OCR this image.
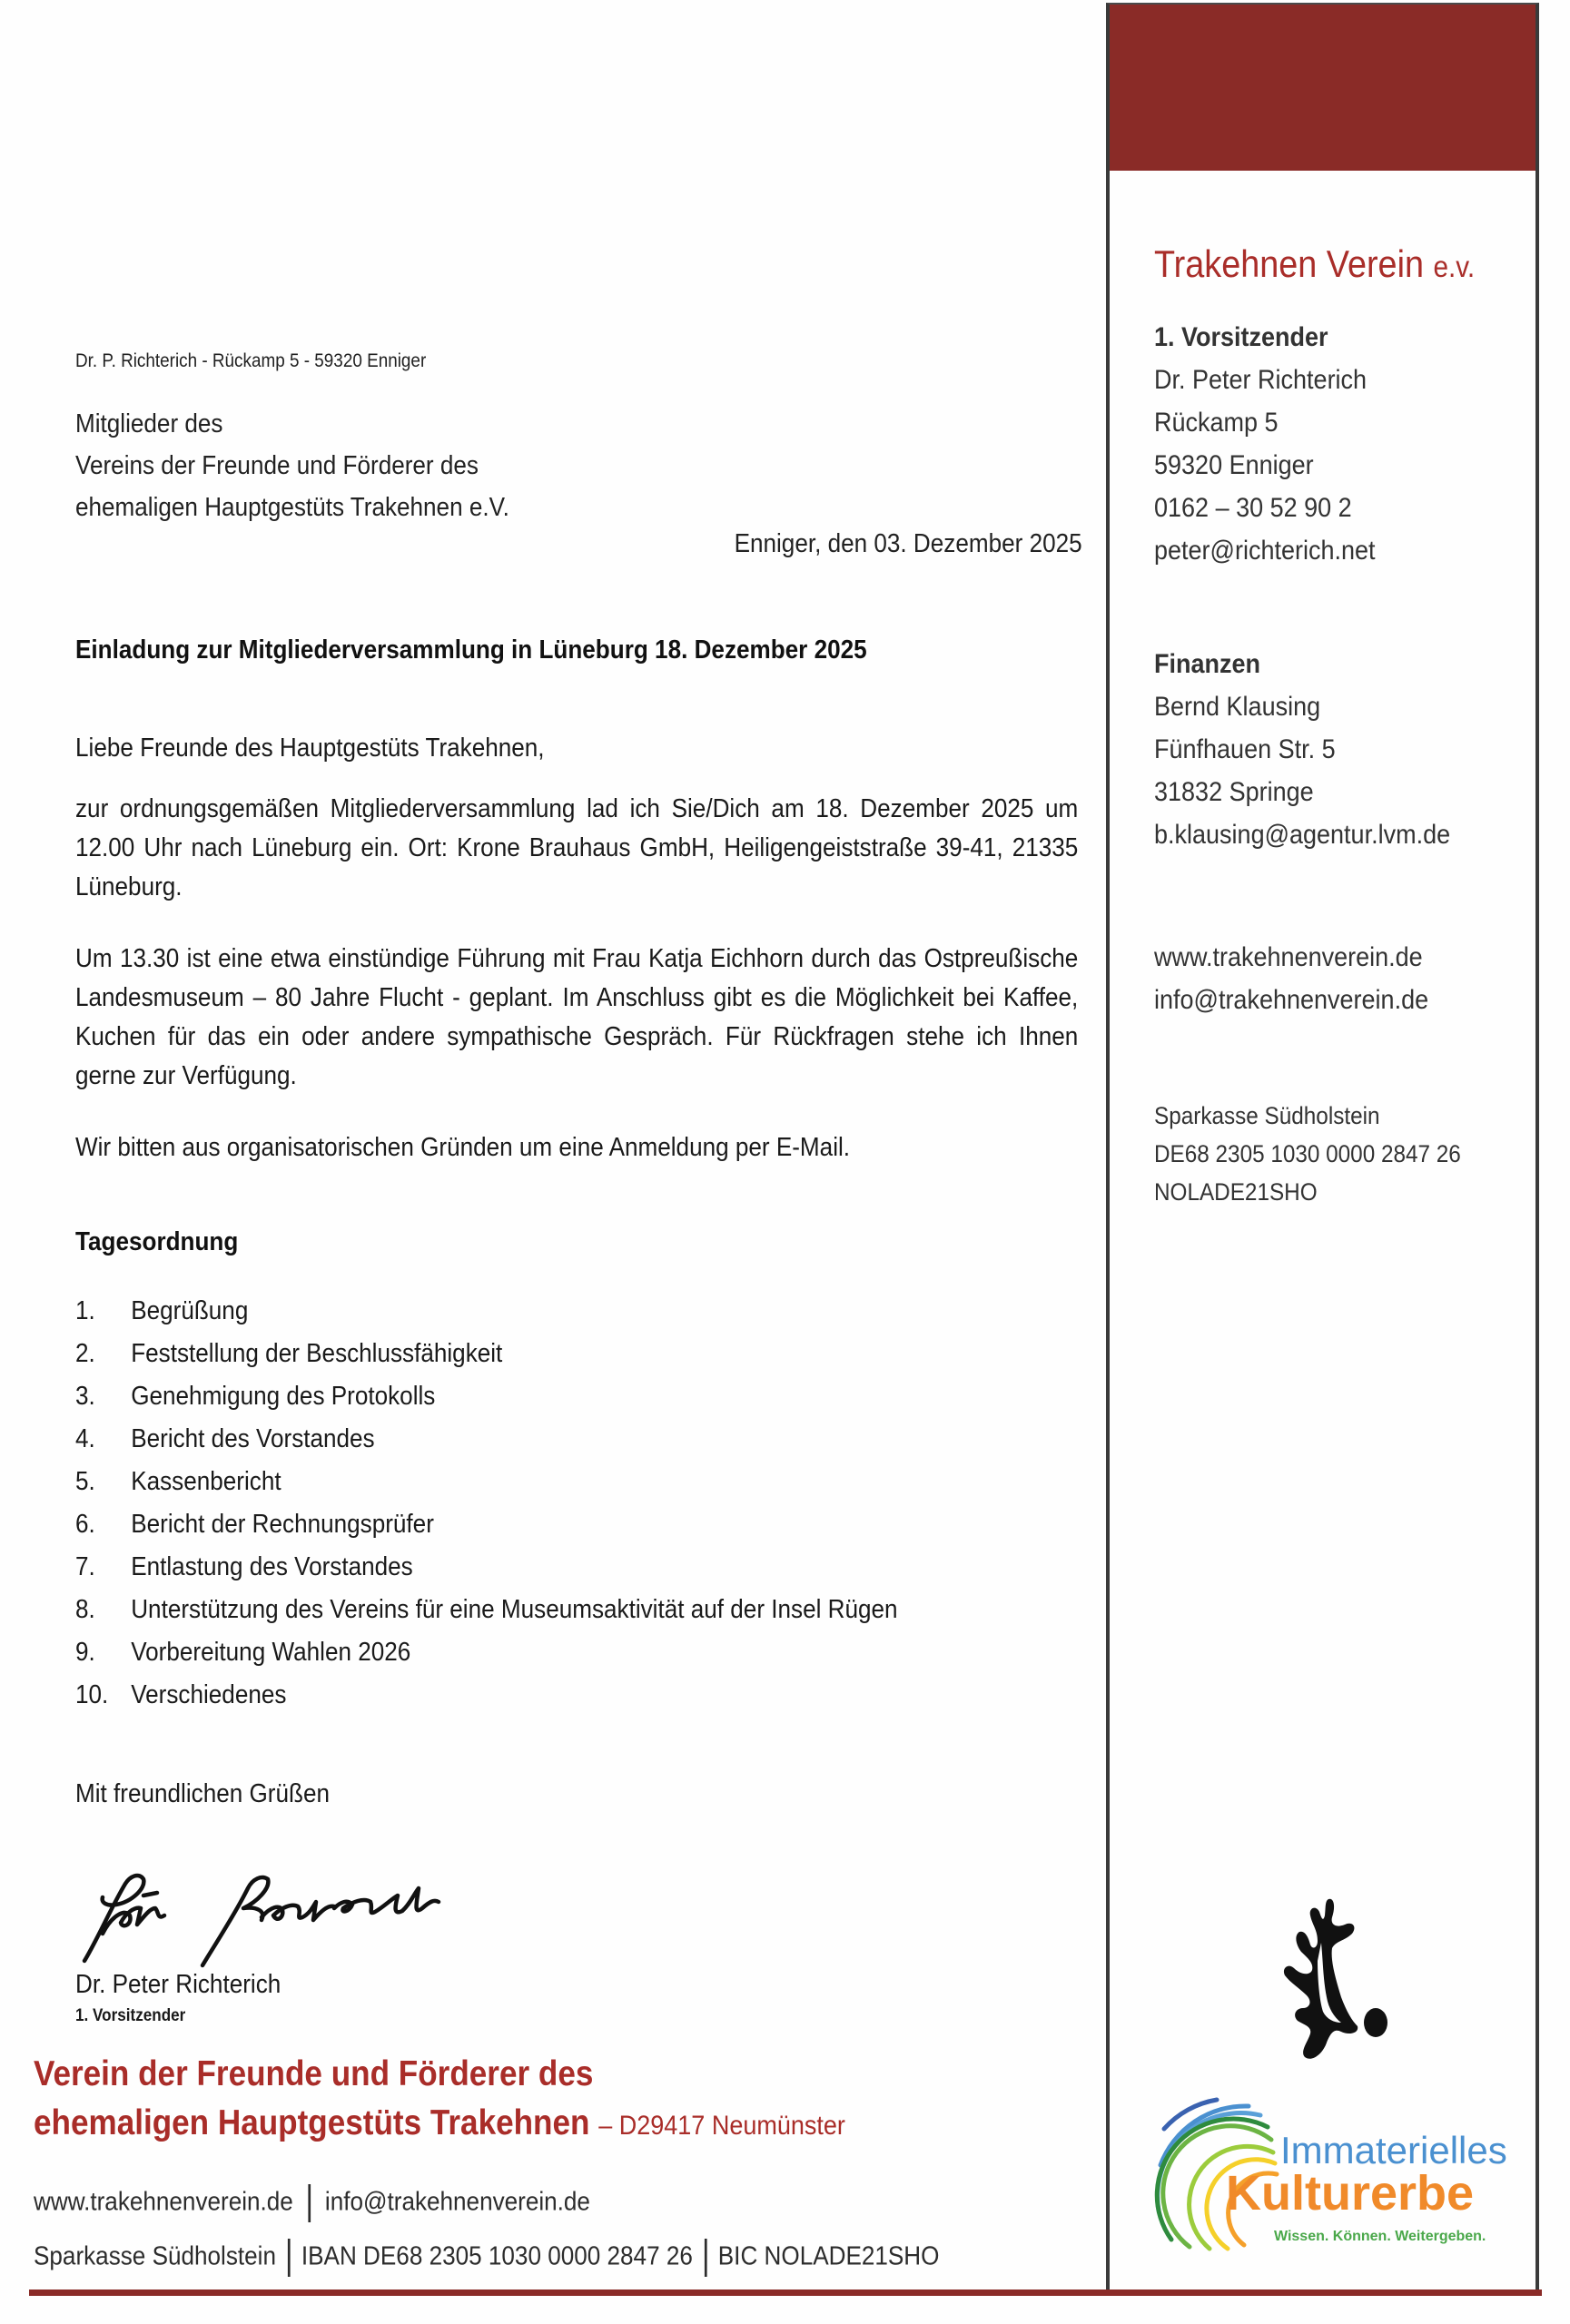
Trakehnen Verein e.v.
1. Vorsitzender
Dr. Peter Richterich
Rückamp 5
59320 Enniger
0162 – 30 52 90 2
peter@richterich.net
Finanzen
Bernd Klausing
Fünfhauen Str. 5
31832 Springe
b.klausing@agentur.lvm.de
www.trakehnenverein.de
info@trakehnenverein.de
Sparkasse Südholstein
DE68 2305 1030 0000 2847 26
NOLADE21SHO
Dr. P. Richterich - Rückamp 5 - 59320 Enniger
Mitglieder des
Vereins der Freunde und Förderer des
ehemaligen Hauptgestüts Trakehnen e.V.
Enniger, den 03. Dezember 2025
Einladung zur Mitgliederversammlung in Lüneburg 18. Dezember 2025
Liebe Freunde des Hauptgestüts Trakehnen,
zur ordnungsgemäßen Mitgliederversammlung lad ich Sie/Dich am 18. Dezember 2025 um 12.00 Uhr nach Lüneburg ein. Ort: Krone Brauhaus GmbH, Heiligengeiststraße 39-41, 21335 Lüneburg.
Um 13.30 ist eine etwa einstündige Führung mit Frau Katja Eichhorn durch das Ostpreußische Landesmuseum – 80 Jahre Flucht - geplant. Im Anschluss gibt es die Möglichkeit bei Kaffee, Kuchen für das ein oder andere sympathische Gespräch. Für Rückfragen stehe ich Ihnen gerne zur Verfügung.
Wir bitten aus organisatorischen Gründen um eine Anmeldung per E-Mail.
Tagesordnung
1. Begrüßung
2. Feststellung der Beschlussfähigkeit
3. Genehmigung des Protokolls
4. Bericht des Vorstandes
5. Kassenbericht
6. Bericht der Rechnungsprüfer
7. Entlastung des Vorstandes
8. Unterstützung des Vereins für eine Museumsaktivität auf der Insel Rügen
9. Vorbereitung Wahlen 2026
10. Verschiedenes
Mit freundlichen Grüßen
Dr. Peter Richterich
1. Vorsitzender
Verein der Freunde und Förderer des
ehemaligen Hauptgestüts Trakehnen – D29417 Neumünster
www.trakehnenverein.de info@trakehnenverein.de
Sparkasse Südholstein IBAN DE68 2305 1030 0000 2847 26 BIC NOLADE21SHO
Immaterielles
Kulturerbe
Wissen. Können. Weitergeben.
